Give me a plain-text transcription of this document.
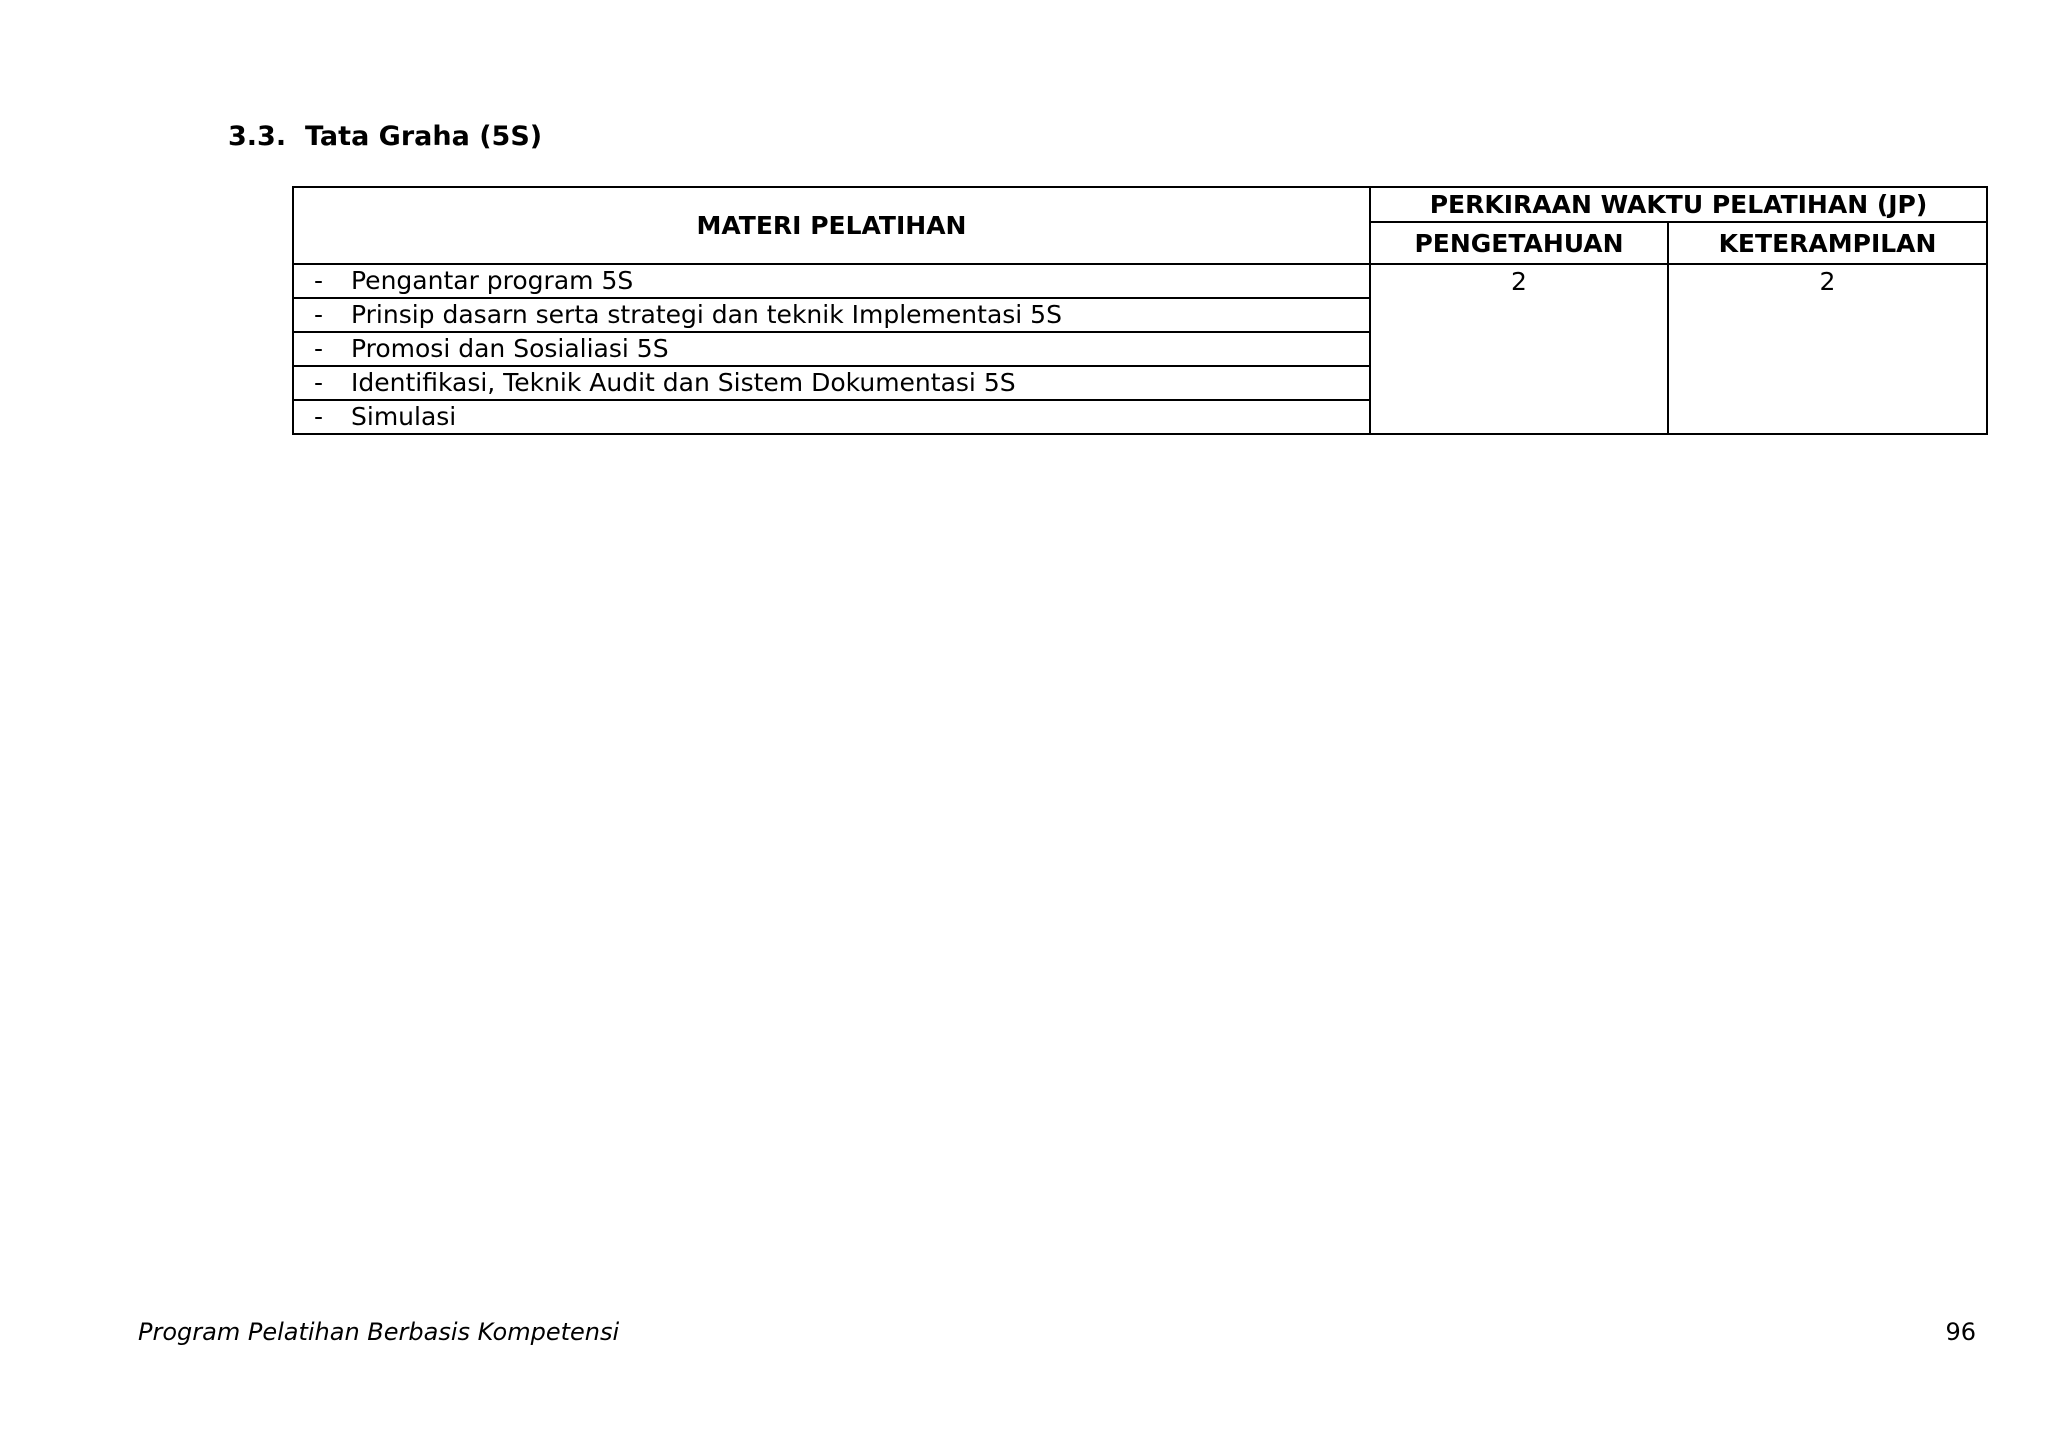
3.3. Tata Graha (5S)
MATERI PELATIHAN	PERKIRAAN WAKTU PELATIHAN (JP)	
	PENGETAHUAN	KETERAMPILAN
- Pengantar program 5S	2	2
- Prinsip dasarn serta strategi dan teknik Implementasi 5S		
- Promosi dan Sosialiasi 5S		
- Identifikasi, Teknik Audit dan Sistem Dokumentasi 5S		
- Simulasi		
Program Pelatihan Berbasis Kompetensi	96
